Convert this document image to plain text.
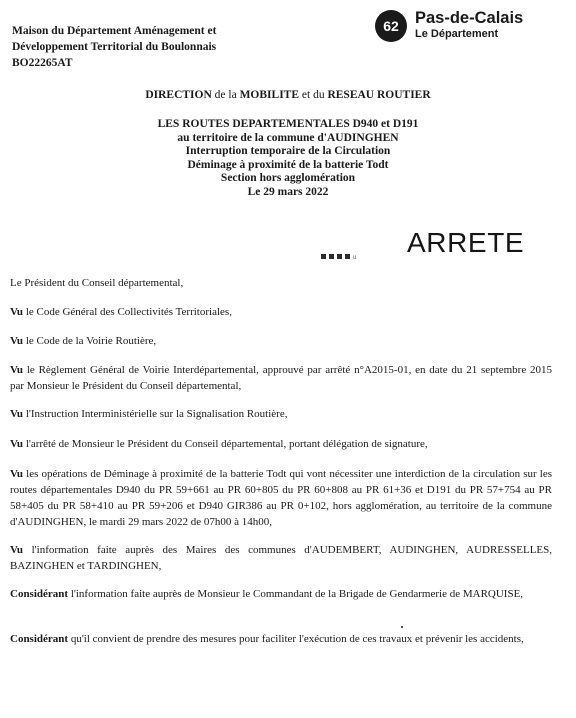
Maison du Département Aménagement et
Développement Territorial du Boulonnais
BO22265AT
62 Pas-de-Calais
Le Département
DIRECTION de la MOBILITE et du RESEAU ROUTIER
LES ROUTES DEPARTEMENTALES D940 et D191
au territoire de la commune d'AUDINGHEN
Interruption temporaire de la Circulation
Déminage à proximité de la batterie Todt
Section hors agglomération
Le 29 mars 2022
$^u$	ARRETE
Le Président du Conseil départemental,
Vu le Code Général des Collectivités Territoriales,
Vu le Code de la Voirie Routière,
Vu le Règlement Général de Voirie Interdépartemental, approuvé par arrêté n°A2015-01, en date du 21 septembre 2015 par Monsieur le Président du Conseil départemental,
Vu l'Instruction Interministérielle sur la Signalisation Routière,
Vu l'arrêté de Monsieur le Président du Conseil départemental, portant délégation de signature,
Vu les opérations de Déminage à proximité de la batterie Todt qui vont nécessiter une interdiction de la circulation sur les routes départementales D940 du PR 59+661 au PR 60+805 du PR 60+808 au PR 61+36 et D191 du PR 57+754 au PR 58+405 du PR 58+410 au PR 59+206 et D940 GIR386 au PR 0+102, hors agglomération, au territoire de la commune d'AUDINGHEN, le mardi 29 mars 2022 de 07h00 à 14h00,
Vu l'information faite auprès des Maires des communes d'AUDEMBERT, AUDINGHEN, AUDRESSELLES, BAZINGHEN et TARDINGHEN,
Considérant l'information faite auprès de Monsieur le Commandant de la Brigade de Gendarmerie de MARQUISE,
Considérant qu'il convient de prendre des mesures pour faciliter l'exécution de ces travaux et prévenir les accidents,
